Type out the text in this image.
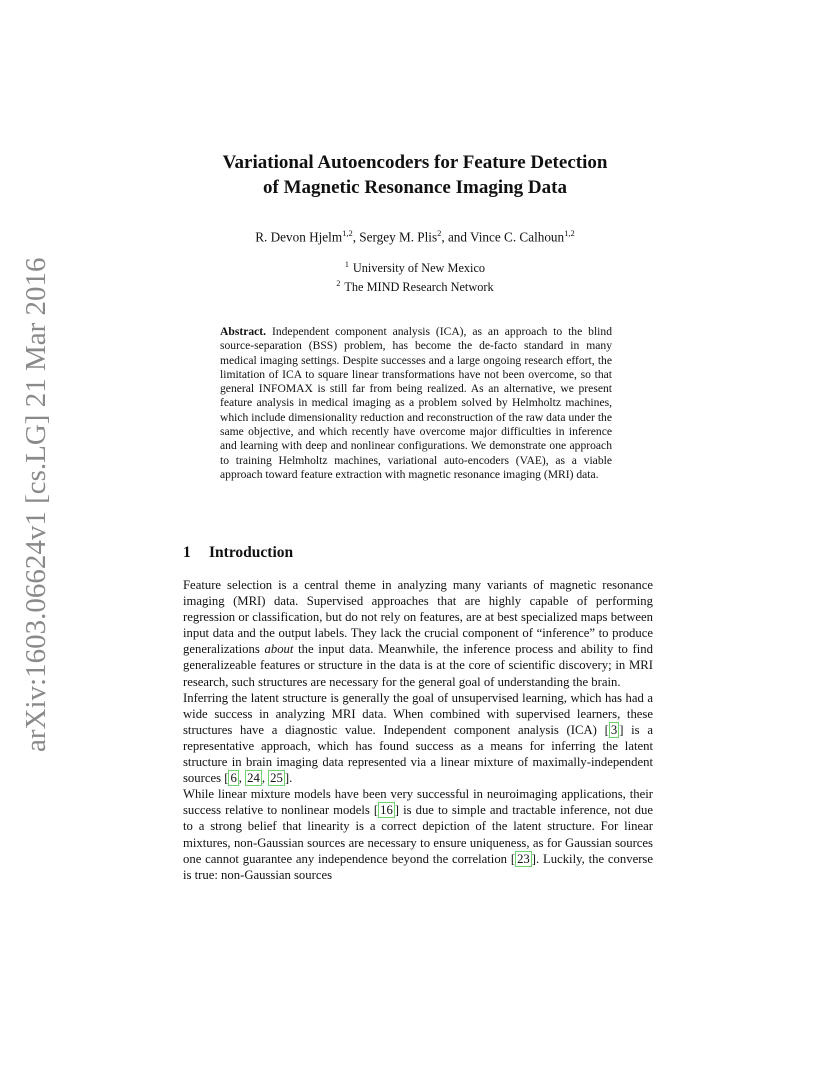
arXiv:1603.06624v1 [cs.LG] 21 Mar 2016
Variational Autoencoders for Feature Detection
of Magnetic Resonance Imaging Data
R. Devon Hjelm$^{1,2}$, Sergey M. Plis$^2$, and Vince C. Calhoun$^{1,2}$
$^1$ University of New Mexico
$^2$ The MIND Research Network
Abstract. Independent component analysis (ICA), as an approach to the blind source-separation (BSS) problem, has become the de-facto standard in many medical imaging settings. Despite successes and a large ongoing research effort, the limitation of ICA to square linear transformations have not been overcome, so that general INFOMAX is still far from being realized. As an alternative, we present feature analysis in medical imaging as a problem solved by Helmholtz machines, which include dimensionality reduction and reconstruction of the raw data under the same objective, and which recently have overcome major difficulties in inference and learning with deep and nonlinear configurations. We demonstrate one approach to training Helmholtz machines, variational auto-encoders (VAE), as a viable approach toward feature extraction with magnetic resonance imaging (MRI) data.
1 Introduction

Feature selection is a central theme in analyzing many variants of magnetic resonance imaging (MRI) data. Supervised approaches that are highly capable of performing regression or classification, but do not rely on features, are at best specialized maps between input data and the output labels. They lack the crucial component of “inference” to produce generalizations about the input data. Meanwhile, the inference process and ability to find generalizeable features or structure in the data is at the core of scientific discovery; in MRI research, such structures are necessary for the general goal of understanding the brain.

Inferring the latent structure is generally the goal of unsupervised learning, which has had a wide success in analyzing MRI data. When combined with supervised learners, these structures have a diagnostic value. Independent component analysis (ICA) [ 3 ] is a representative approach, which has found success as a means for inferring the latent structure in brain imaging data represented via a linear mixture of maximally-independent sources [ 6 , 24 , 25 ].

While linear mixture models have been very successful in neuroimaging applications, their success relative to nonlinear models [ 16 ] is due to simple and tractable inference, not due to a strong belief that linearity is a correct depiction of the latent structure. For linear mixtures, non-Gaussian sources are necessary to ensure uniqueness, as for Gaussian sources one cannot guarantee any independence beyond the correlation [ 23 ]. Luckily, the converse is true: non-Gaussian sources
